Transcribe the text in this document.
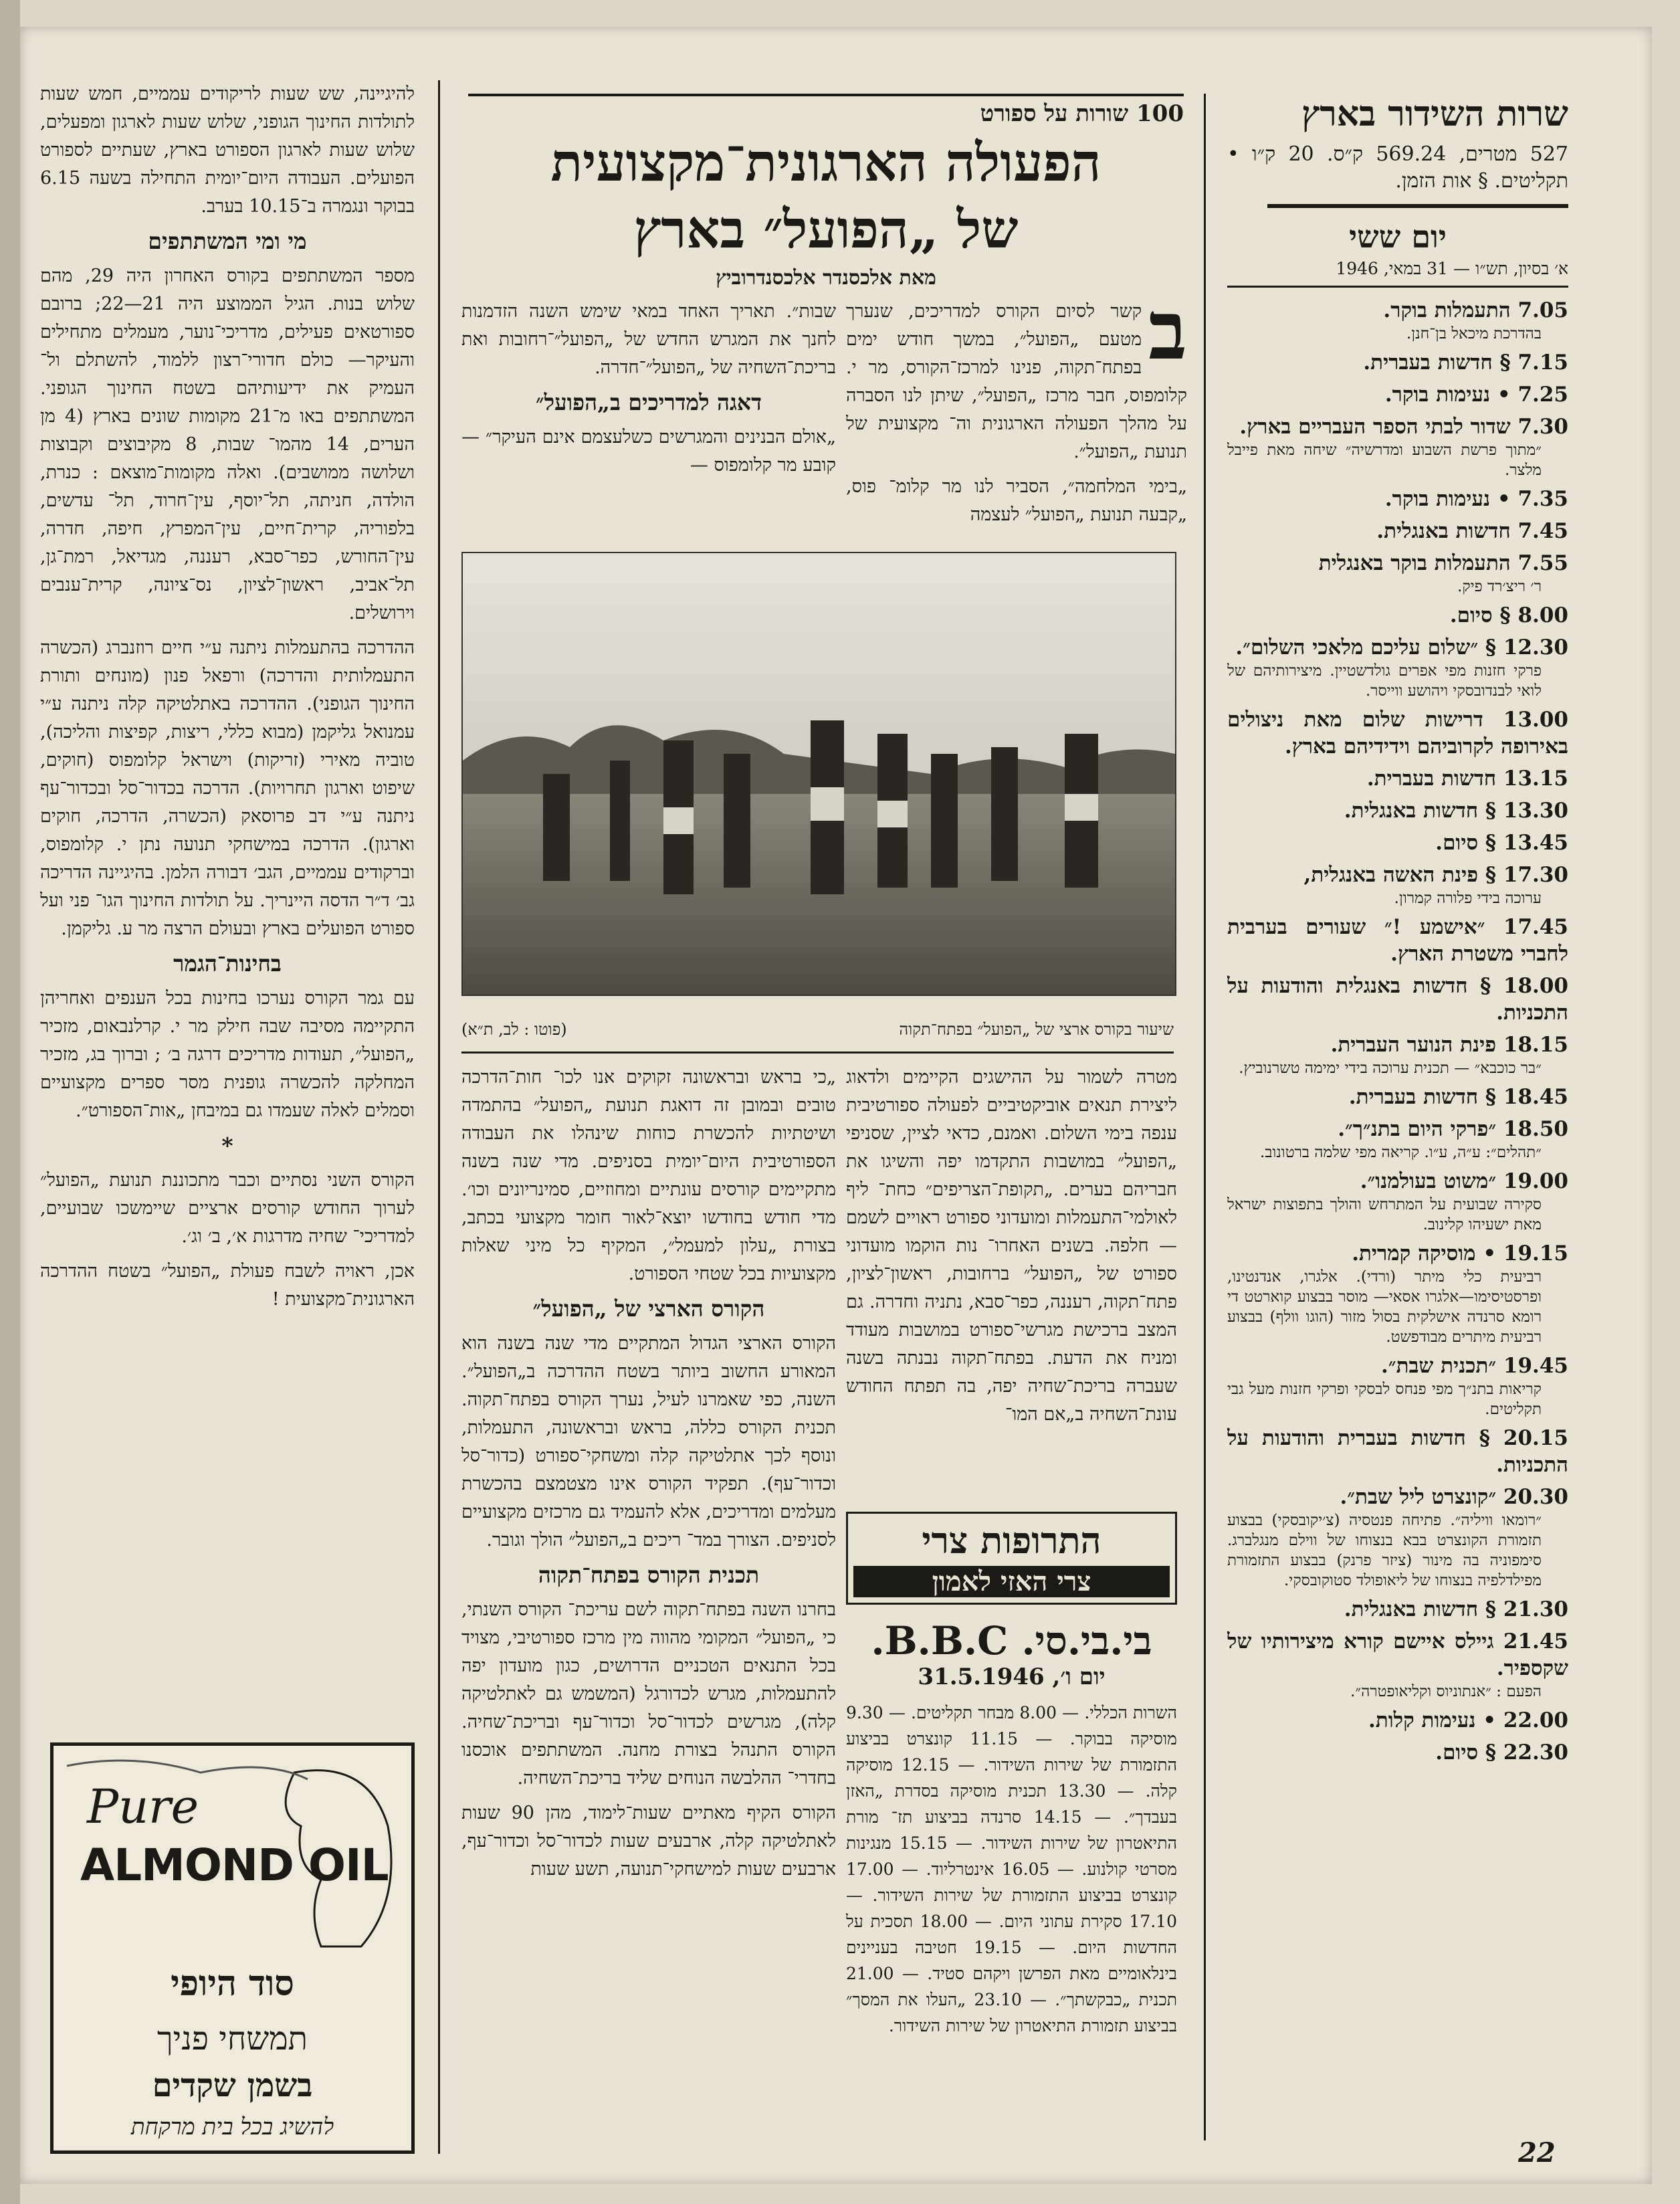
שרות השידור בארץ
527 מטרים, 569.24 ק״ס. 20 ק״ו • תקליטים. § אות הזמן.
יום ששי
א׳ בסיון, תש״ו — 31 במאי, 1946
7.05 התעמלות בוקר.
בהדרכת מיכאל בן־חנן.
7.15 § חדשות בעברית.
7.25 • נעימות בוקר.
7.30 שדור לבתי הספר העבריים בארץ.
״מתוך פרשת השבוע ומדרשיה״ שיחה מאת פייבל מלצר.
7.35 • נעימות בוקר.
7.45 חדשות באנגלית.
7.55 התעמלות בוקר באנגלית
ר׳ ריצ׳רד פיק.
8.00 § סיום.
12.30 § ״שלום עליכם מלאכי השלום״.
פרקי חזנות מפי אפרים גולדשטיין. מיצירותיהם של לואי לבנדובסקי ויהושע ווייסר.
13.00 דרישות שלום מאת ניצולים באירופה לקרוביהם וידידיהם בארץ.
13.15 חדשות בעברית.
13.30 § חדשות באנגלית.
13.45 § סיום.
17.30 § פינת האשה באנגלית,
ערוכה בידי פלורה קמרון.
17.45 ״אישמע !״ שעורים בערבית לחברי משטרת הארץ.
18.00 § חדשות באנגלית והודעות על התכניות.
18.15 פינת הנוער העברית.
״בר כוכבא״ — תכנית ערוכה בידי ימימה טשרנוביץ.
18.45 § חדשות בעברית.
18.50 ״פרקי היום בתנ״ך״.
״תהלים״: ע״ה, ע״ו. קריאה מפי שלמה ברטונוב.
19.00 ״משוט בעולמנו״.
סקירה שבועית על המתרחש והולך בתפוצות ישראל מאת ישעיהו קלינוב.
19.15 • מוסיקה קמרית.
רביעית כלי מיתר (ורדי). אלגרו, אנדנטינו, ופרסטיסימו—אלגרו אסאי— מוסר בבצוע קוארטט די רומא סרנדה אישלקית בסול מזור (הוגו וולף) בבצוע רביעית מיתרים מבודפשט.
19.45 ״תכנית שבת״.
קריאות בתנ״ך מפי פנחס לבסקי ופרקי חזנות מעל גבי תקליטים.
20.15 § חדשות בעברית והודעות על התכניות.
20.30 ״קונצרט ליל שבת״.
״רומאו וויליה״. פתיחה פנטסיה (צ׳יקובסקי) בבצוע תזמורת הקונצרט בבא בנצוחו של ווילם מנגלברג. סימפוניה בה מינור (ציזר פרנק) בבצוע התזמורת מפילדלפיה בנצוחו של ליאופולד סטוקובסקי.
21.30 § חדשות באנגלית.
21.45 גיילס איישם קורא מיצירותיו של שקספיר.
הפעם : ״אנתוניוס וקליאופטרה״.
22.00 • נעימות קלות.
22.30 § סיום.
100 שורות על ספורט
הפעולה הארגונית־מקצועית
של „הפועל״ בארץ
מאת אלכסנדר אלכסנדרוביץ
ב

קשר לסיום הקורס למדריכים, שנערך מטעם „הפועל״, במשך חודש ימים בפתח־תקוה, פנינו למרכז־הקורס, מר י. קלומפוס, חבר מרכז „הפועל״, שיתן לנו הסברה על מהלך הפעולה הארגונית וה־ מקצועית של תנועת „הפועל״.

„בימי המלחמה״, הסביר לנו מר קלומ־ פוס, „קבעה תנועת „הפועל״ לעצמה

שבות״. תאריך האחד במאי שימש השנה הזדמנות לחנך את המגרש החדש של „הפועל״־רחובות ואת בריכת־השחיה של „הפועל״־חדרה.

דאגה למדריכים ב„הפועל״

„אולם הבנינים והמגרשים כשלעצמם אינם העיקר״ — קובע מר קלומפוס —

שיעור בקורס ארצי של „הפועל״ בפתח־תקוה
(פוטו : לב, ת״א)

מטרה לשמור על ההישגים הקיימים ולדאוג ליצירת תנאים אוביקטיביים לפעולה ספורטיבית ענפה בימי השלום. ואמנם, כדאי לציין, שסניפי „הפועל״ במושבות התקדמו יפה והשיגו את חבריהם בערים. „תקופת־הצריפים״ כחת־ ליף לאולמי־התעמלות ומועדוני ספורט ראויים לשמם — חלפה. בשנים האחרו־ נות הוקמו מועדוני ספורט של „הפועל״ ברחובות, ראשון־לציון, פתח־תקוה, רעננה, כפר־סבא, נתניה וחדרה. גם המצב ברכישת מגרשי־ספורט במושבות מעודד ומניח את הדעת. בפתח־תקוה נבנתה בשנה שעברה בריכת־שחיה יפה, בה תפתח החודש עונת־השחיה ב„אם המו־

„כי בראש ובראשונה זקוקים אנו לכו־ חות־הדרכה טובים ובמובן זה דואגת תנועת „הפועל״ בהתמדה ושיטתיות להכשרת כוחות שינהלו את העבודה הספורטיבית היום־יומית בסניפים. מדי שנה בשנה מתקיימים קורסים עונתיים ומחוזיים, סמינריונים וכו׳. מדי חודש בחודשו יוצא־לאור חומר מקצועי בכתב, בצורת „עלון למעמל״, המקיף כל מיני שאלות מקצועיות בכל שטחי הספורט.

הקורס הארצי של „הפועל״

הקורס הארצי הגדול המתקיים מדי שנה בשנה הוא המאורע החשוב ביותר בשטח ההדרכה ב„הפועל״. השנה, כפי שאמרנו לעיל, נערך הקורס בפתח־תקוה. תכנית הקורס כללה, בראש ובראשונה, התעמלות, ונוסף לכך אתלטיקה קלה ומשחקי־ספורט (כדור־סל וכדור־עף). תפקיד הקורס אינו מצטמצם בהכשרת מעלמים ומדריכים, אלא להעמיד גם מרכזים מקצועיים לסניפים. הצורך במד־ ריכים ב„הפועל״ הולך וגובר.

תכנית הקורס בפתח־תקוה

בחרנו השנה בפתח־תקוה לשם עריכת־ הקורס השנתי, כי „הפועל״ המקומי מהווה מין מרכז ספורטיבי, מצויד בכל התנאים הטכניים הדרושים, כגון מועדון יפה להתעמלות, מגרש לכדורגל (המשמש גם לאתלטיקה קלה), מגרשים לכדור־סל וכדור־עף ובריכת־שחיה. הקורס התנהל בצורת מחנה. המשתתפים אוכסנו בחדרי־ ההלבשה הנוחים שליד בריכת־השחיה.

הקורס הקיף מאתיים שעות־לימוד, מהן 90 שעות לאתלטיקה קלה, ארבעים שעות לכדור־סל וכדור־עף, ארבעים שעות למישחקי־תנועה, תשע שעות

התרופות צרי
צרי האזי לאמון
בי.בי.סי. B.B.C.
יום ו׳, 31.5.1946
השרות הכללי. — 8.00 מבחר תקליטים. — 9.30 מוסיקה בבוקר. — 11.15 קונצרט בביצוע התזמורת של שירות השידור. — 12.15 מוסיקה קלה. — 13.30 תכנית מוסיקה בסדרת „האזן בעבדך״. — 14.15 סרנדה בביצוע תז־ מורת התיאטרון של שירות השידור. — 15.15 מנגינות מסרטי קולנוע. — 16.05 אינטרליוד. — 17.00 קונצרט בביצוע התזמורת של שירות השידור. — 17.10 סקירת עתוני היום. — 18.00 תסכית על החדשות היום. — 19.15 חטיבה בעניינים בינלאומיים מאת הפרשן ויקהם סטיד. — 21.00 תכנית „כבקשתך״. — 23.10 „העלו את המסך״ בביצוע תזמורת התיאטרון של שירות השידור.

להיגיינה, שש שעות לריקודים עממיים, חמש שעות לתולדות החינוך הגופני, שלוש שעות לארגון ומפעלים, שלוש שעות לארגון הספורט בארץ, שעתיים לספורט הפועלים. העבודה היום־יומית התחילה בשעה 6.15 בבוקר ונגמרה ב־10.15 בערב.

מי ומי המשתתפים

מספר המשתתפים בקורס האחרון היה 29, מהם שלוש בנות. הגיל הממוצע היה 21—22; ברובם ספורטאים פעילים, מדריכי־נוער, מעמלים מתחילים והעיקר— כולם חדורי־רצון ללמוד, להשתלם ול־ העמיק את ידיעותיהם בשטח החינוך הגופני. המשתתפים באו מ־21 מקומות שונים בארץ (4 מן הערים, 14 מהמו־ שבות, 8 מקיבוצים וקבוצות ושלושה ממושבים). ואלה מקומות־מוצאם : כנרת, הולדה, חניתה, תל־יוסף, עין־חרוד, תל־ עדשים, בלפוריה, קרית־חיים, עין־המפרץ, חיפה, חדרה, עין־החורש, כפר־סבא, רעננה, מגדיאל, רמת־גן, תל־אביב, ראשון־לציון, נס־ציונה, קרית־ענבים וירושלים.

ההדרכה בהתעמלות ניתנה ע״י חיים רוזנברג (הכשרה התעמלותית והדרכה) ורפאל פנון (מונחים ותורת החינוך הגופני). ההדרכה באתלטיקה קלה ניתנה ע״י עמנואל גליקמן (מבוא כללי, ריצות, קפיצות והליכה), טוביה מאירי (זריקות) וישראל קלומפוס (חוקים, שיפוט וארגון תחרויות). הדרכה בכדור־סל ובכדור־עף ניתנה ע״י דב פרוסאק (הכשרה, הדרכה, חוקים וארגון). הדרכה במישחקי תנועה נתן י. קלומפוס, וברקודים עממיים, הגב׳ דבורה הלמן. בהיגיינה הדריכה גב׳ ד״ר הדסה היינריך. על תולדות החינוך הגו־ פני ועל ספורט הפועלים בארץ ובעולם הרצה מר ע. גליקמן.

בחינות־הגמר

עם גמר הקורס נערכו בחינות בכל הענפים ואחריהן התקיימה מסיבה שבה חילק מר י. קרלנבאום, מזכיר „הפועל״, תעודות מדריכים דרגה ב׳ ; וברוך בג, מזכיר המחלקה להכשרה גופנית מסר ספרים מקצועיים וסמלים לאלה שעמדו גם במיבחן „אות־הספורט״.

*

הקורס השני נסתיים וכבר מתכוננת תנועת „הפועל״ לערוך החודש קורסים ארציים שיימשכו שבועיים, למדריכי־ שחיה מדרגות א׳, ב׳ וג׳.

אכן, ראויה לשבח פעולת „הפועל״ בשטח ההדרכה הארגונית־מקצועית !

Pure
ALMOND OIL
סוד היופי
תמשחי פניך
בשמן שקדים
להשיג בכל בית מרקחת
22
